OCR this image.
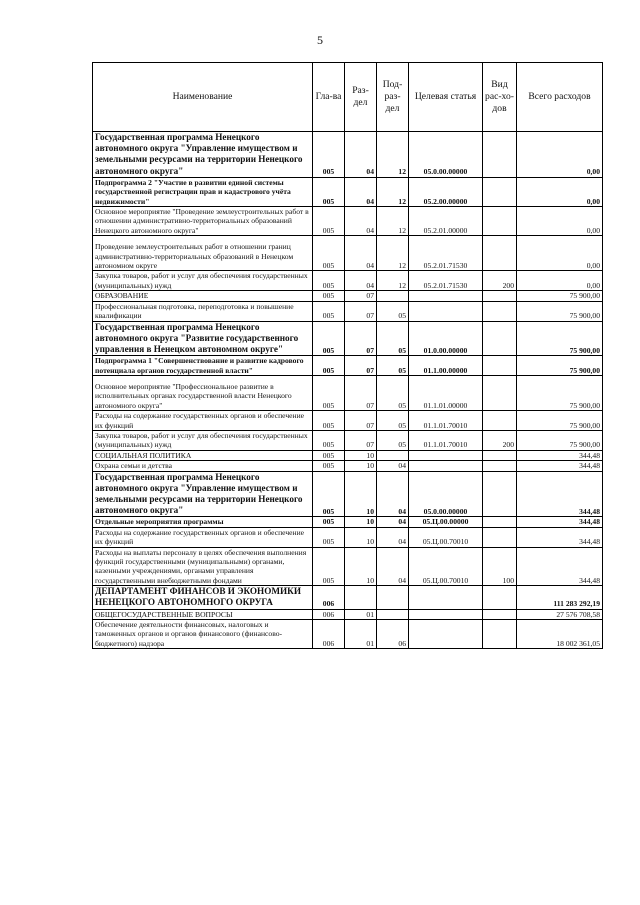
5
Наименование	Гла-ва	Раз-дел	Под-раз-дел	Целевая статья	Вид рас-хо-дов	Всего расходов
Государственная программа Ненецкого автономного округа "Управление имуществом и земельными ресурсами на территории Ненецкого автономного округа"	005	04	12	05.0.00.00000		0,00
Подпрограмма 2 "Участие в развитии единой системы государственной регистрации прав и кадастрового учёта недвижимости"	005	04	12	05.2.00.00000		0,00
Основное мероприятие "Проведение землеустроительных работ в отношении административно-территориальных образований Ненецкого автономного округа"	005	04	12	05.2.01.00000		0,00
Проведение землеустроительных работ в отношении границ административно-территориальных образований в Ненецком автономном округе	005	04	12	05.2.01.71530		0,00
Закупка товаров, работ и услуг для обеспечения государственных (муниципальных) нужд	005	04	12	05.2.01.71530	200	0,00
ОБРАЗОВАНИЕ	005	07				75 900,00
Профессиональная подготовка, переподготовка и повышение квалификации	005	07	05			75 900,00
Государственная программа Ненецкого автономного округа "Развитие государственного управления в Ненецком автономном округе"	005	07	05	01.0.00.00000		75 900,00
Подпрограмма 1 "Совершенствование и развитие кадрового потенциала органов государственной власти"	005	07	05	01.1.00.00000		75 900,00
Основное мероприятие "Профессиональное развитие в исполнительных органах государственной власти Ненецкого автономного округа"	005	07	05	01.1.01.00000		75 900,00
Расходы на содержание государственных органов и обеспечение их функций	005	07	05	01.1.01.70010		75 900,00
Закупка товаров, работ и услуг для обеспечения государственных (муниципальных) нужд	005	07	05	01.1.01.70010	200	75 900,00
СОЦИАЛЬНАЯ ПОЛИТИКА	005	10				344,48
Охрана семьи и детства	005	10	04			344,48
Государственная программа Ненецкого автономного округа "Управление имуществом и земельными ресурсами на территории Ненецкого автономного округа"	005	10	04	05.0.00.00000		344,48
Отдельные мероприятия программы	005	10	04	05.Ц.00.00000		344,48
Расходы на содержание государственных органов и обеспечение их функций	005	10	04	05.Ц.00.70010		344,48
Расходы на выплаты персоналу в целях обеспечения выполнения функций государственными (муниципальными) органами, казенными учреждениями, органами управления государственными внебюджетными фондами	005	10	04	05.Ц.00.70010	100	344,48
ДЕПАРТАМЕНТ ФИНАНСОВ И ЭКОНОМИКИ НЕНЕЦКОГО АВТОНОМНОГО ОКРУГА	006					111 283 292,19
ОБЩЕГОСУДАРСТВЕННЫЕ ВОПРОСЫ	006	01				27 576 708,58
Обеспечение деятельности финансовых, налоговых и таможенных органов и органов финансового (финансово-бюджетного) надзора	006	01	06			18 002 361,05
